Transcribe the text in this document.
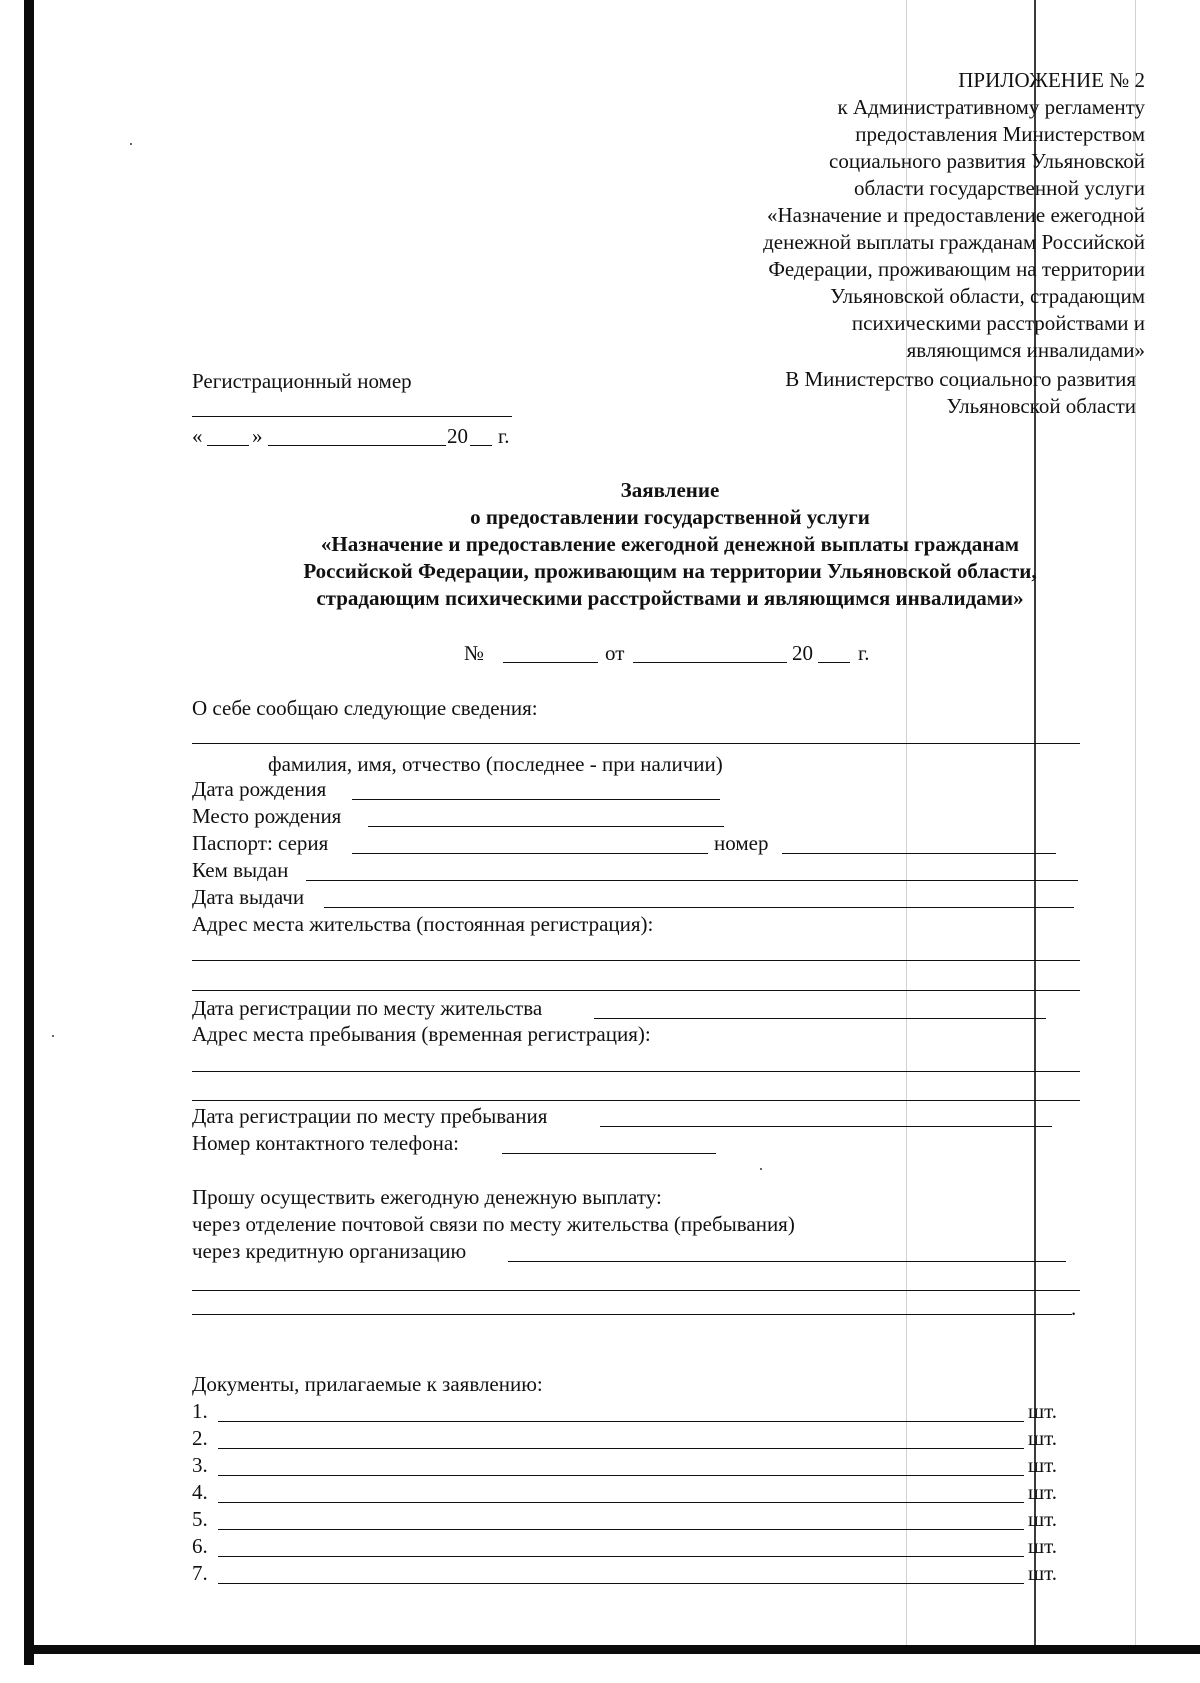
ПРИЛОЖЕНИЕ № 2
к Административному регламенту
предоставления Министерством
социального развития Ульяновской
области государственной услуги
«Назначение и предоставление ежегодной
денежной выплаты гражданам Российской
Федерации, проживающим на территории
Ульяновской области, страдающим
психическими расстройствами и
являющимся инвалидами»
Регистрационный номер
« »	20 г.
В Министерство социального развития
Ульяновской области
Заявление
о предоставлении государственной услуги
«Назначение и предоставление ежегодной денежной выплаты гражданам
Российской Федерации, проживающим на территории Ульяновской области,
страдающим психическими расстройствами и являющимся инвалидами»
№	от	20 г.
О себе сообщаю следующие сведения:
фамилия, имя, отчество (последнее - при наличии)
Дата рождения
Место рождения
Паспорт: серия	номер
Кем выдан
Дата выдачи
Адрес места жительства (постоянная регистрация):
Дата регистрации по месту жительства
Адрес места пребывания (временная регистрация):
Дата регистрации по месту пребывания
Номер контактного телефона:
Прошу осуществить ежегодную денежную выплату:
через отделение почтовой связи по месту жительства (пребывания)
через кредитную организацию
.
Документы, прилагаемые к заявлению:
1.	шт.
2.	шт.
3.	шт.
4.	шт.
5.	шт.
6.	шт.
7.	шт.
